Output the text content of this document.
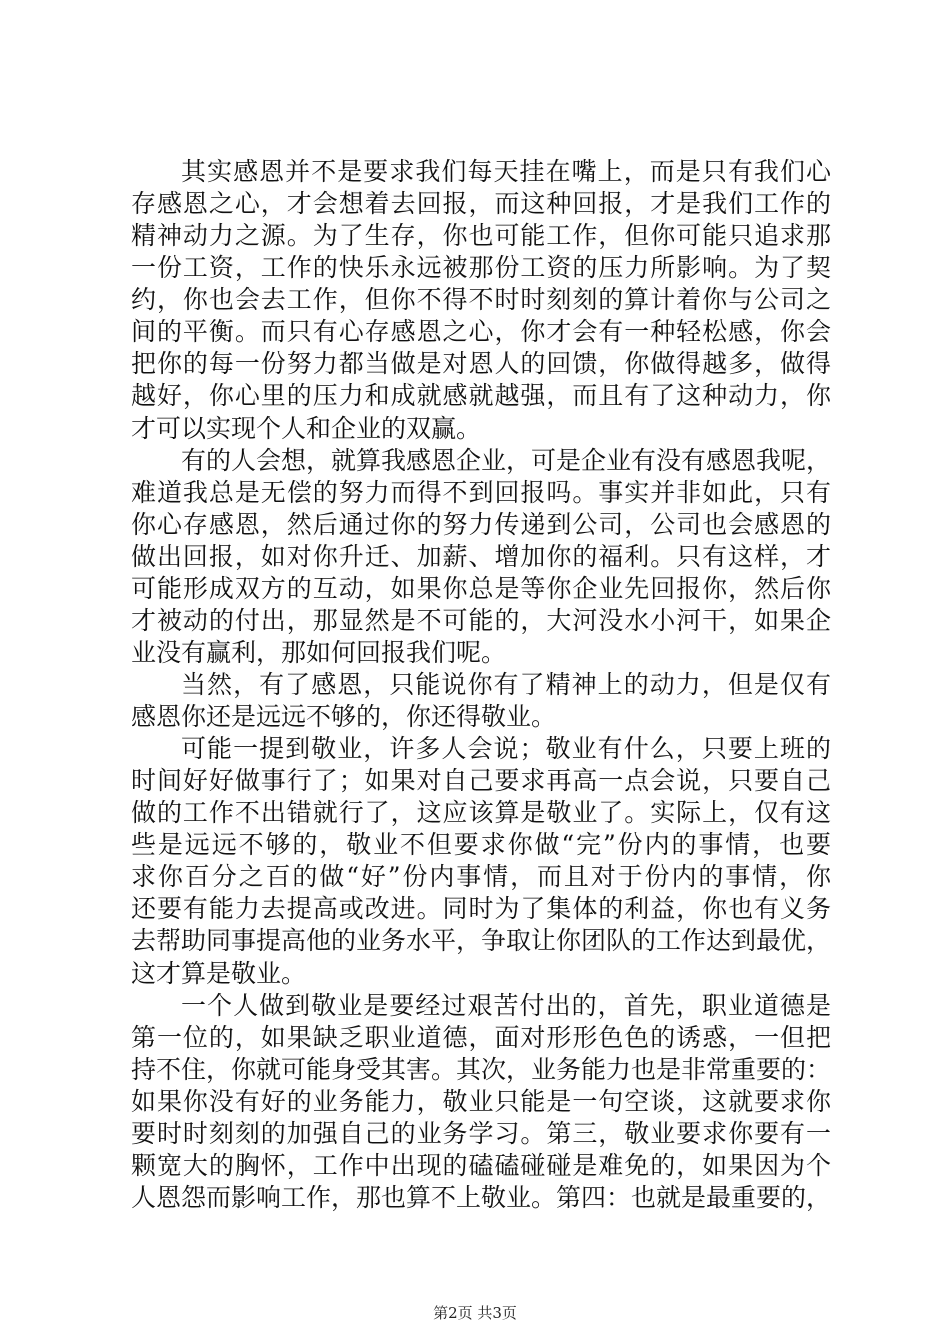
其实感恩并不是要求我们每天挂在嘴上，而是只有我们心
存感恩之心，才会想着去回报，而这种回报，才是我们工作的
精神动力之源。为了生存，你也可能工作，但你可能只追求那
一份工资，工作的快乐永远被那份工资的压力所影响。为了契
约，你也会去工作，但你不得不时时刻刻的算计着你与公司之
间的平衡。而只有心存感恩之心，你才会有一种轻松感，你会
把你的每一份努力都当做是对恩人的回馈，你做得越多，做得
越好，你心里的压力和成就感就越强，而且有了这种动力，你
才可以实现个人和企业的双赢。
有的人会想，就算我感恩企业，可是企业有没有感恩我呢，
难道我总是无偿的努力而得不到回报吗。事实并非如此，只有
你心存感恩，然后通过你的努力传递到公司，公司也会感恩的
做出回报，如对你升迁、加薪、增加你的福利。只有这样，才
可能形成双方的互动，如果你总是等你企业先回报你，然后你
才被动的付出，那显然是不可能的，大河没水小河干，如果企
业没有赢利，那如何回报我们呢。
当然，有了感恩，只能说你有了精神上的动力，但是仅有
感恩你还是远远不够的，你还得敬业。
可能一提到敬业，许多人会说；敬业有什么，只要上班的
时间好好做事行了；如果对自己要求再高一点会说，只要自己
做的工作不出错就行了，这应该算是敬业了。实际上，仅有这
些是远远不够的，敬业不但要求你做“完”份内的事情，也要
求你百分之百的做“好”份内事情，而且对于份内的事情，你
还要有能力去提高或改进。同时为了集体的利益，你也有义务
去帮助同事提高他的业务水平，争取让你团队的工作达到最优，
这才算是敬业。
一个人做到敬业是要经过艰苦付出的，首先，职业道德是
第一位的，如果缺乏职业道德，面对形形色色的诱惑，一但把
持不住，你就可能身受其害。其次，业务能力也是非常重要的：
如果你没有好的业务能力，敬业只能是一句空谈，这就要求你
要时时刻刻的加强自己的业务学习。第三，敬业要求你要有一
颗宽大的胸怀，工作中出现的磕磕碰碰是难免的，如果因为个
人恩怨而影响工作，那也算不上敬业。第四：也就是最重要的，
第2页 共3页
